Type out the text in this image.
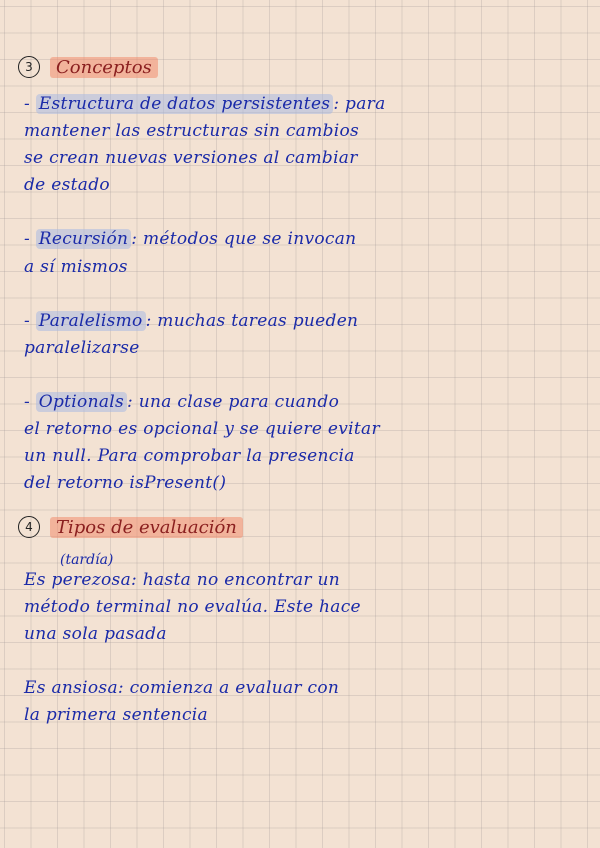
3	Conceptos
- Estructura de datos persistentes : para
mantener las estructuras sin cambios
se crean nuevas versiones al cambiar
de estado
- Recursión : métodos que se invocan
a sí mismos
- Paralelismo : muchas tareas pueden
paralelizarse
- Optionals : una clase para cuando
el retorno es opcional y se quiere evitar
un null. Para comprobar la presencia
del retorno isPresent()
4	Tipos de evaluación
(tardía)
Es perezosa: hasta no encontrar un
método terminal no evalúa. Este hace
una sola pasada
Es ansiosa: comienza a evaluar con
la primera sentencia
